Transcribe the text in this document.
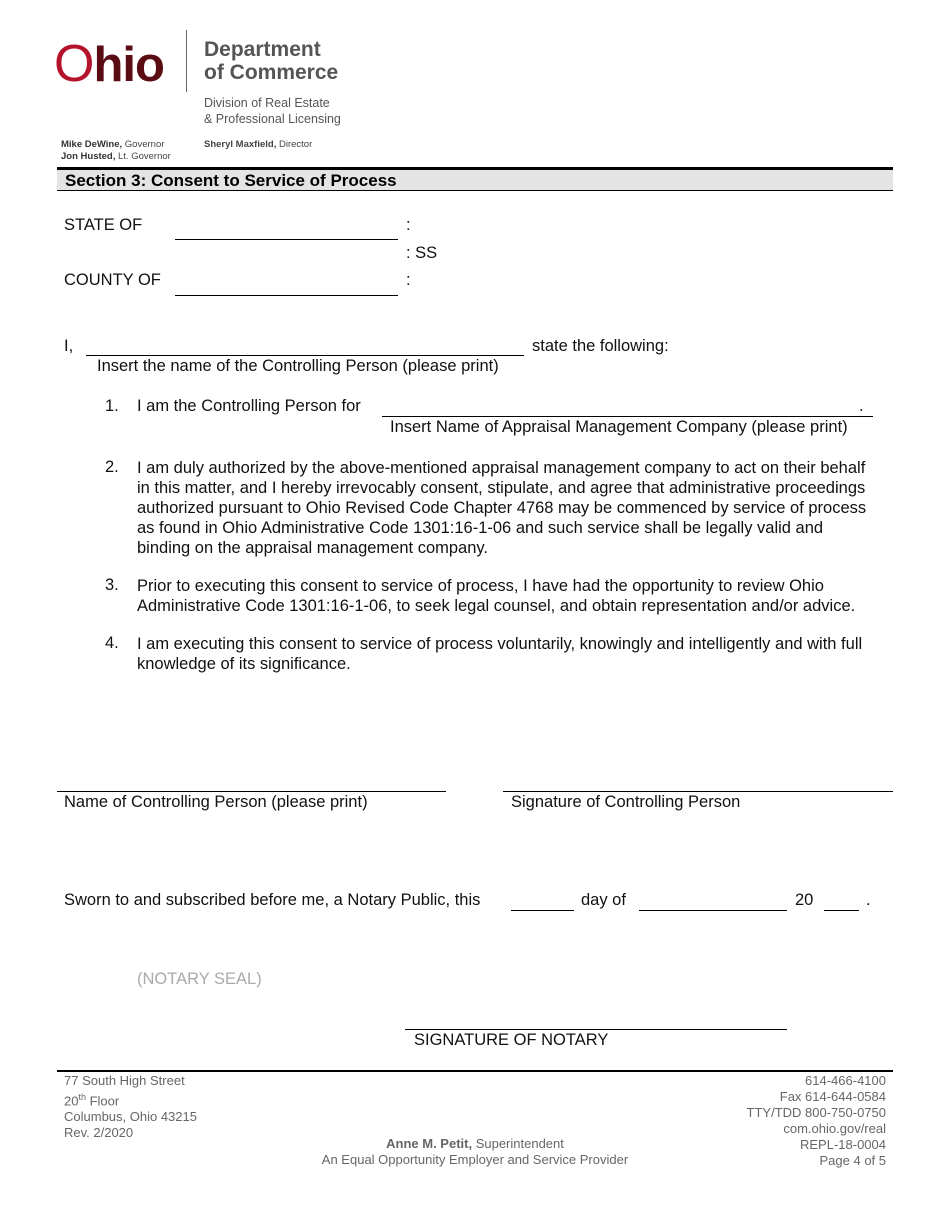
Ohio Department
of Commerce
Division of Real Estate
& Professional Licensing
Mike DeWine, Governor
Jon Husted, Lt. Governor
Sheryl Maxfield, Director
Section 3: Consent to Service of Process
STATE OF	:
: SS
COUNTY OF	:
I,	state the following:
Insert the name of the Controlling Person (please print)
1. I am the Controlling Person for	.
Insert Name of Appraisal Management Company (please print)
2. I am duly authorized by the above-mentioned appraisal management company to act on their behalf in this matter, and I hereby irrevocably consent, stipulate, and agree that administrative proceedings authorized pursuant to Ohio Revised Code Chapter 4768 may be commenced by service of process as found in Ohio Administrative Code 1301:16-1-06 and such service shall be legally valid and binding on the appraisal management company.
3. Prior to executing this consent to service of process, I have had the opportunity to review Ohio Administrative Code 1301:16-1-06, to seek legal counsel, and obtain representation and/or advice.
4. I am executing this consent to service of process voluntarily, knowingly and intelligently and with full knowledge of its significance.
Name of Controlling Person (please print)	Signature of Controlling Person
Sworn to and subscribed before me, a Notary Public, this	day of	20	.
(NOTARY SEAL)
SIGNATURE OF NOTARY
77 South High Street
20th Floor
Columbus, Ohio 43215
Rev. 2/2020
Anne M. Petit, Superintendent
An Equal Opportunity Employer and Service Provider
614-466-4100
Fax 614-644-0584
TTY/TDD 800-750-0750
com.ohio.gov/real
REPL-18-0004
Page 4 of 5
